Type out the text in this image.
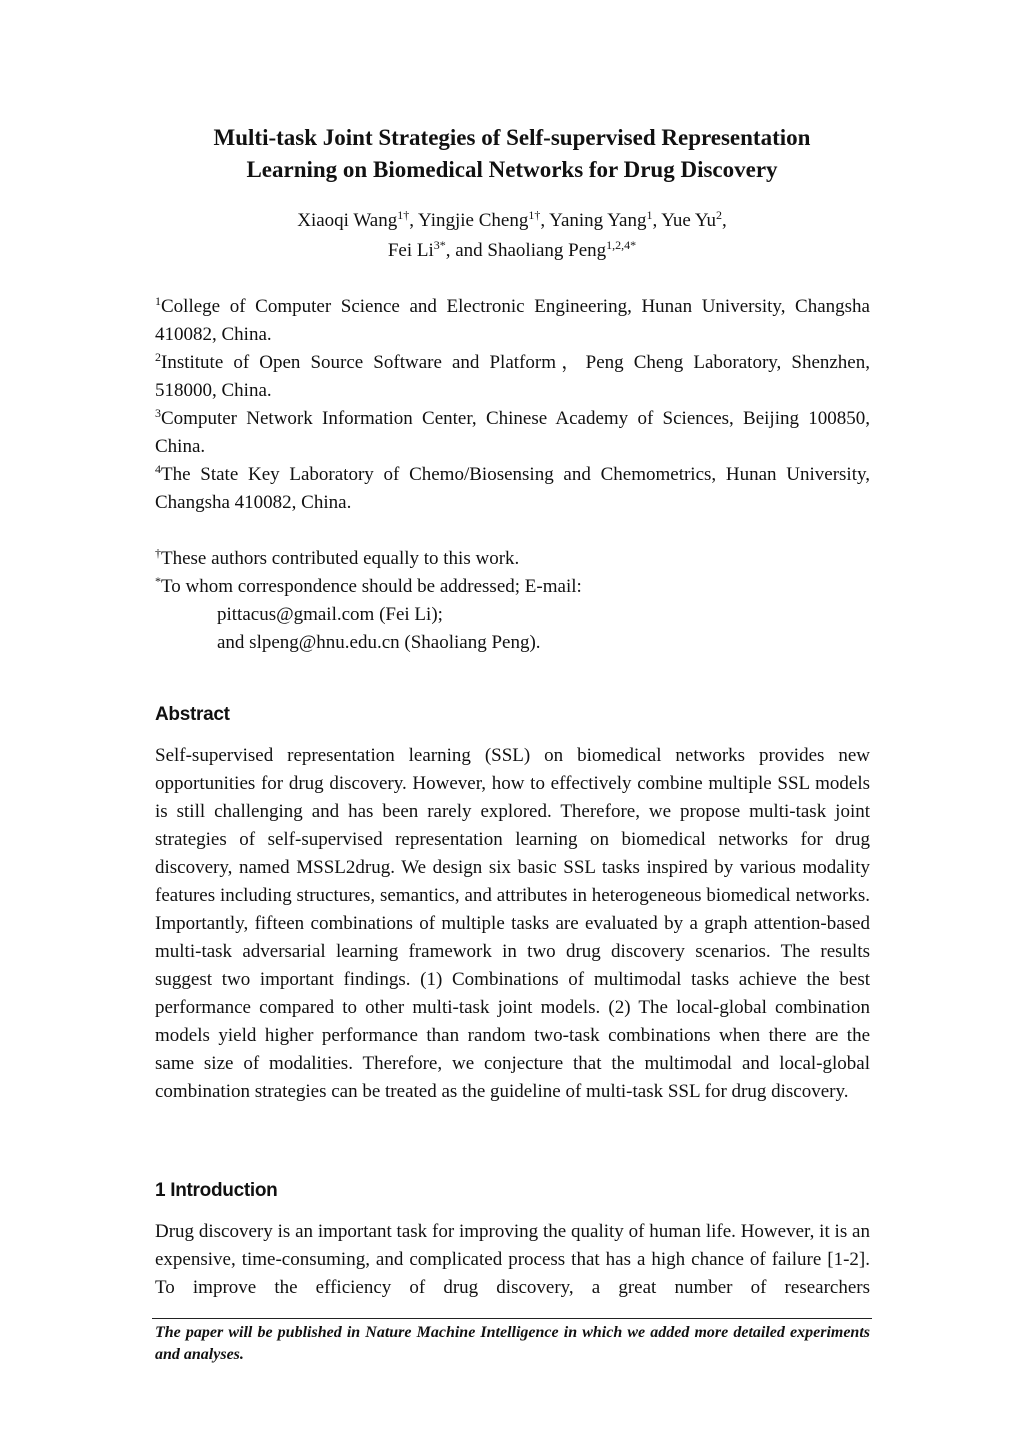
Multi-task Joint Strategies of Self-supervised Representation
Learning on Biomedical Networks for Drug Discovery
Xiaoqi Wang$^{1\dagger}$, Yingjie Cheng$^{1\dagger}$, Yaning Yang$^1$, Yue Yu$^2$,
Fei $Li^{3*}$, and Shaoliang Peng$^{1,2,4*}$

$^1$College of Computer Science and Electronic Engineering, Hunan University, Changsha 410082, China.

$^2$Institute of Open Source Software and Platform，Peng Cheng Laboratory, Shenzhen, 518000, China.

$^3$Computer Network Information Center, Chinese Academy of Sciences, Beijing 100850, China.

$^4$The State Key Laboratory of Chemo/Biosensing and Chemometrics, Hunan University, Changsha 410082, China.

†These authors contributed equally to this work.

*To whom correspondence should be addressed; E-mail:

pittacus@gmail.com (Fei Li);

and slpeng@hnu.edu.cn (Shaoliang Peng).

Abstract

Self-supervised representation learning (SSL) on biomedical networks provides new opportunities for drug discovery. However, how to effectively combine multiple SSL models is still challenging and has been rarely explored. Therefore, we propose multi-task joint strategies of self-supervised representation learning on biomedical networks for drug discovery, named MSSL2drug. We design six basic SSL tasks inspired by various modality features including structures, semantics, and attributes in heterogeneous biomedical networks. Importantly, fifteen combinations of multiple tasks are evaluated by a graph attention-based multi-task adversarial learning framework in two drug discovery scenarios. The results suggest two important findings. (1) Combinations of multimodal tasks achieve the best performance compared to other multi-task joint models. (2) The local-global combination models yield higher performance than random two-task combinations when there are the same size of modalities. Therefore, we conjecture that the multimodal and local-global combination strategies can be treated as the guideline of multi-task SSL for drug discovery.

1 Introduction

Drug discovery is an important task for improving the quality of human life. However, it is an expensive, time-consuming, and complicated process that has a high chance of failure [1-2]. To improve the efficiency of drug discovery, a great number of researchers

The paper will be published in Nature Machine Intelligence in which we added more detailed experiments and analyses.
